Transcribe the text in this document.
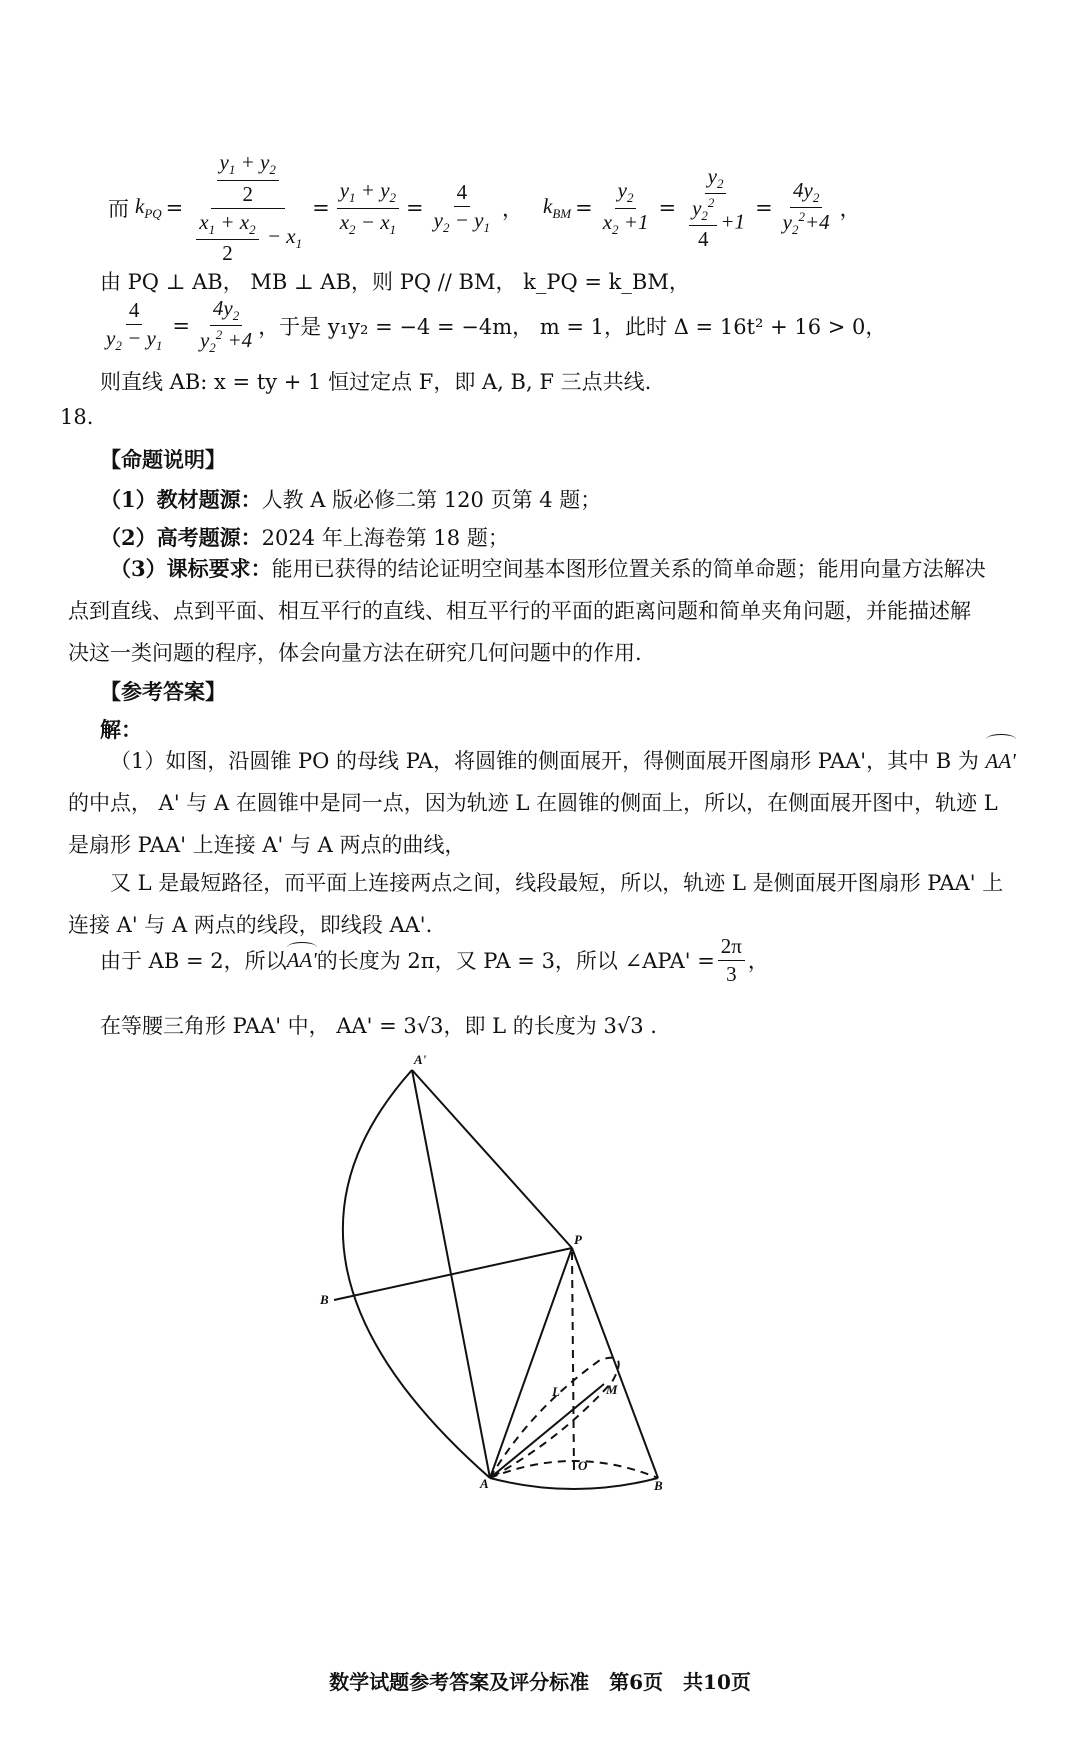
而 $k_{PQ} = \frac{\frac{y_1 + y_2}{2}}{\frac{x_1 + x_2}{2} - x_1} = \frac{y_1 + y_2}{x_2 - x_1} = \frac{4}{y_2 - y_1}$ ， $k_{BM} = \frac{y_2}{x_2 +1} = \frac{y_2}{\frac{y_2^2}{4} +1} = \frac{4y_2}{y_2^2+4}$ ，
由 PQ ⊥ AB， MB ⊥ AB，则 PQ // BM， k_PQ = k_BM，
$\frac{4}{y_2 - y_1} = \frac{4y_2}{y_2^2 +4}$ ，于是 y₁y₂ = −4 = −4m， m = 1，此时 Δ = 16t² + 16 > 0，
则直线 AB: x = ty + 1 恒过定点 F，即 A, B, F 三点共线.
18.
【命题说明】
（1）教材题源：人教 A 版必修二第 120 页第 4 题；
（2）高考题源：2024 年上海卷第 18 题；
（3）课标要求：能用已获得的结论证明空间基本图形位置关系的简单命题；能用向量方法解决
点到直线、点到平面、相互平行的直线、相互平行的平面的距离问题和简单夹角问题，并能描述解
决这一类问题的程序，体会向量方法在研究几何问题中的作用.
【参考答案】
解：
（1）如图，沿圆锥 PO 的母线 PA，将圆锥的侧面展开，得侧面展开图扇形 PAA'，其中 B 为 AA'
的中点， A' 与 A 在圆锥中是同一点，因为轨迹 L 在圆锥的侧面上，所以，在侧面展开图中，轨迹 L
是扇形 PAA' 上连接 A' 与 A 两点的曲线，
又 L 是最短路径，而平面上连接两点之间，线段最短，所以，轨迹 L 是侧面展开图扇形 PAA' 上
连接 A' 与 A 两点的线段，即线段 AA'.
由于 AB = 2，所以 AA' 的长度为 2π，又 PA = 3，所以 ∠APA' = $\frac{2\pi}{3}$ ，
在等腰三角形 PAA' 中， AA' = 3√3，即 L 的长度为 3√3 .
A'
P
B
M
L
O
A	B
数学试题参考答案及评分标准　第6页　共10页
